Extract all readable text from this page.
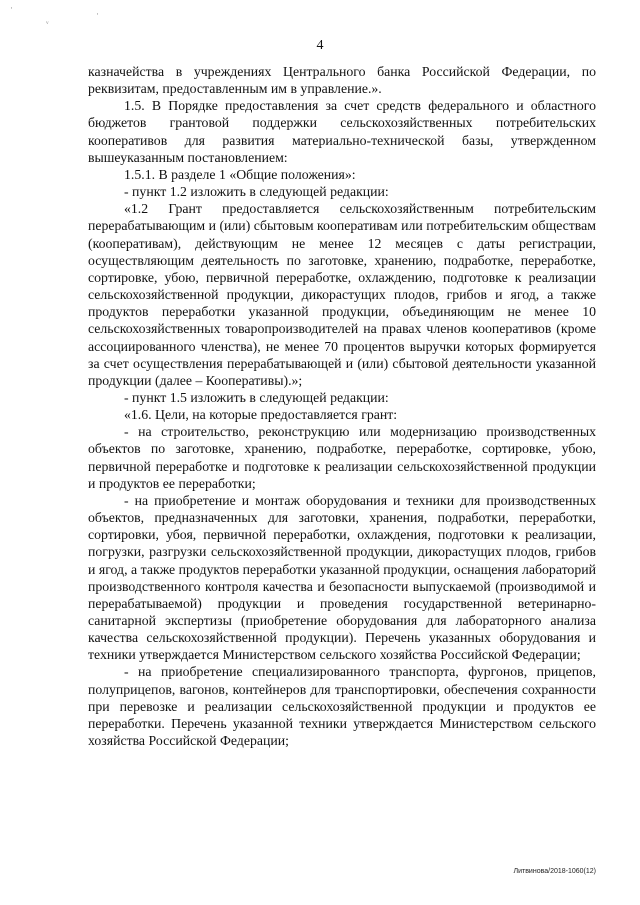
·
ᵥ
·
4

казначейства в учреждениях Центрального банка Российской Федерации, по реквизитам, предоставленным им в управление.».

1.5. В Порядке предоставления за счет средств федерального и областного бюджетов грантовой поддержки сельскохозяйственных потребительских кооперативов для развития материально-технической базы, утвержденном вышеуказанным постановлением:

1.5.1. В разделе 1 «Общие положения»:

- пункт 1.2 изложить в следующей редакции:

«1.2 Грант предоставляется сельскохозяйственным потребительским перерабатывающим и (или) сбытовым кооперативам или потребительским обществам (кооперативам), действующим не менее 12 месяцев с даты регистрации, осуществляющим деятельность по заготовке, хранению, подработке, переработке, сортировке, убою, первичной переработке, охлаждению, подготовке к реализации сельскохозяйственной продукции, дикорастущих плодов, грибов и ягод, а также продуктов переработки указанной продукции, объединяющим не менее 10 сельскохозяйственных товаропроизводителей на правах членов кооперативов (кроме ассоциированного членства), не менее 70 процентов выручки которых формируется за счет осуществления перерабатывающей и (или) сбытовой деятельности указанной продукции (далее – Кооперативы).»;

- пункт 1.5 изложить в следующей редакции:

«1.6. Цели, на которые предоставляется грант:

- на строительство, реконструкцию или модернизацию производственных объектов по заготовке, хранению, подработке, переработке, сортировке, убою, первичной переработке и подготовке к реализации сельскохозяйственной продукции и продуктов ее переработки;

- на приобретение и монтаж оборудования и техники для производственных объектов, предназначенных для заготовки, хранения, подработки, переработки, сортировки, убоя, первичной переработки, охлаждения, подготовки к реализации, погрузки, разгрузки сельскохозяйственной продукции, дикорастущих плодов, грибов и ягод, а также продуктов переработки указанной продукции, оснащения лабораторий производственного контроля качества и безопасности выпускаемой (производимой и перерабатываемой) продукции и проведения государственной ветеринарно-санитарной экспертизы (приобретение оборудования для лабораторного анализа качества сельскохозяйственной продукции). Перечень указанных оборудования и техники утверждается Министерством сельского хозяйства Российской Федерации;

- на приобретение специализированного транспорта, фургонов, прицепов, полуприцепов, вагонов, контейнеров для транспортировки, обеспечения сохранности при перевозке и реализации сельскохозяйственной продукции и продуктов ее переработки. Перечень указанной техники утверждается Министерством сельского хозяйства Российской Федерации;

Литвинова/2018-1060(12)
